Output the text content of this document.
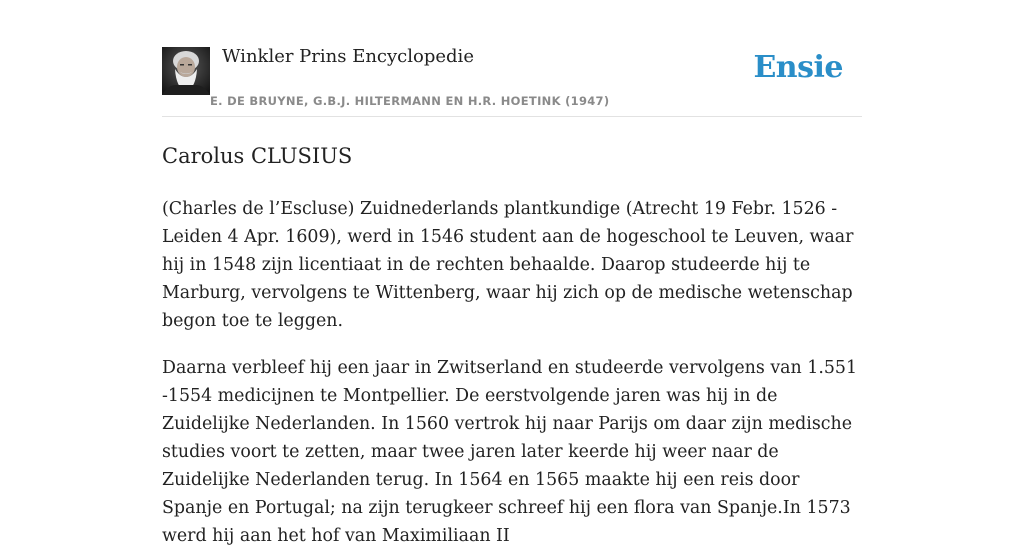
Winkler Prins Encyclopedie
E. DE BRUYNE, G.B.J. HILTERMANN EN H.R. HOETINK (1947)
Ensie
Carolus CLUSIUS

(Charles de l’Escluse) Zuidnederlands plantkundige (Atrecht 19 Febr. 1526 - Leiden 4 Apr. 1609), werd in 1546 student aan de hogeschool te Leuven, waar hij in 1548 zijn licentiaat in de rechten behaalde. Daarop studeerde hij te Marburg, vervolgens te Wittenberg, waar hij zich op de medische wetenschap begon toe te leggen.

Daarna verbleef hij een jaar in Zwitserland en studeerde vervolgens van 1.551 -1554 medicijnen te Montpellier. De eerstvolgende jaren was hij in de Zuidelijke Nederlanden. In 1560 vertrok hij naar Parijs om daar zijn medische studies voort te zetten, maar twee jaren later keerde hij weer naar de Zuidelijke Nederlanden terug. In 1564 en 1565 maakte hij een reis door Spanje en Portugal; na zijn terugkeer schreef hij een flora van Spanje.In 1573 werd hij aan het hof van Maximiliaan II
